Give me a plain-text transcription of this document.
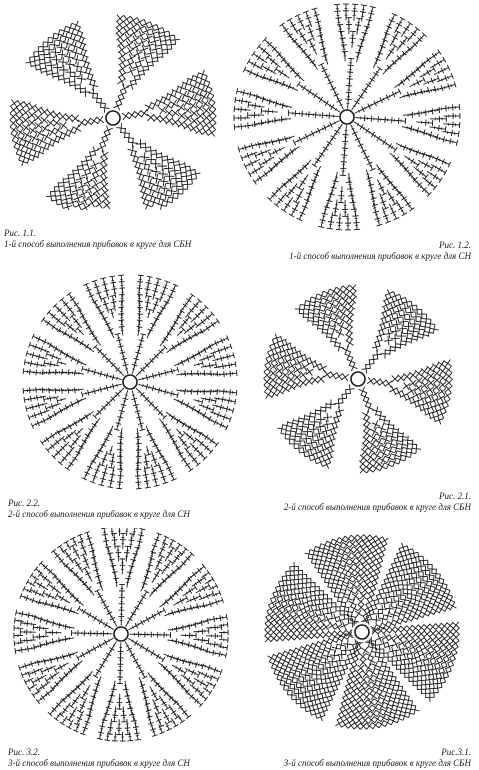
Рис. 1.1.
1-й способ выполнения прибавок в круге для СБН	Рис. 1.2.
1-й способ выполнения прибавок в круге для СН
Рис. 2.2.
2-й способ выполнения прибавок в круге для СН
Рис. 2.1.
2-й способ выполнения прибавок в круге для СБН
Рис. 3.2.
3-й способ выполнения прибавок в круге для СН
Рис.3.1.
3-й способ выполнения прибавок в круге для СБН
